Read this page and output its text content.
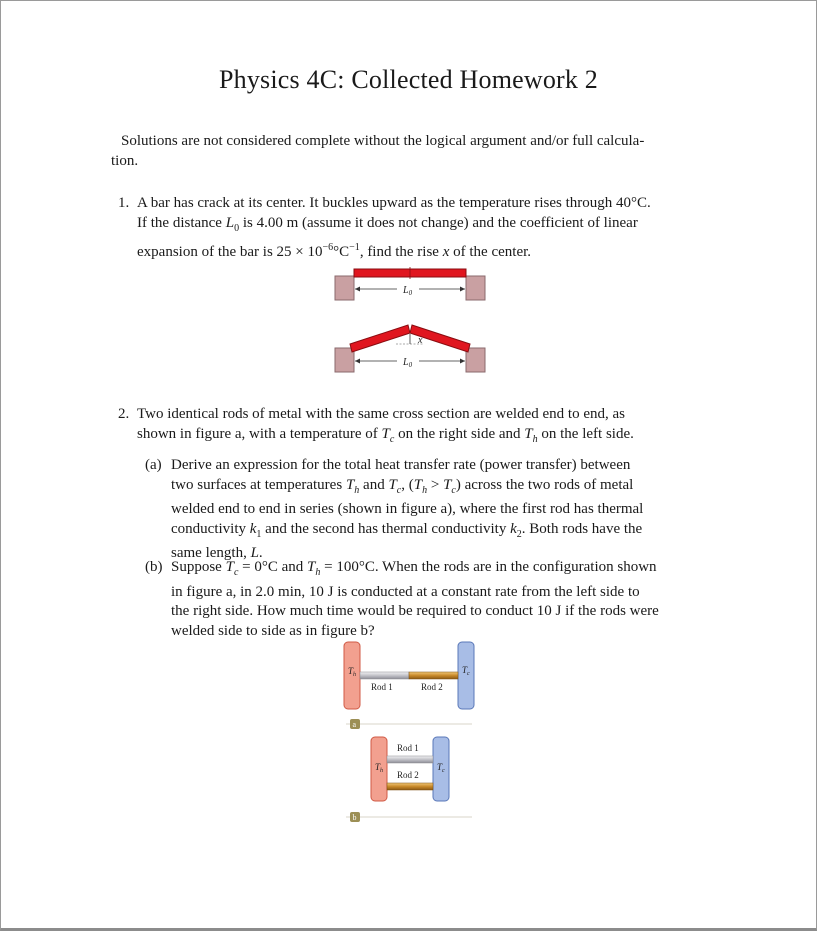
Physics 4C: Collected Homework 2
Solutions are not considered complete without the logical argument and/or full calcula-
tion.
1. A bar has crack at its center. It buckles upward as the temperature rises through 40°C.
If the distance $L_0$ is 4.00 m (assume it does not change) and the coefficient of linear
expansion of the bar is $25 \times 10^{-6}^\circ C^{-1}$, find the rise x of the center.
$L_0$
x
$L_0$
2. Two identical rods of metal with the same cross section are welded end to end, as
shown in figure a, with a temperature of $T_c$ on the right side and $T_h$ on the left side.
(a) Derive an expression for the total heat transfer rate (power transfer) between
two surfaces at temperatures $T_h$ and $T_c$, $(T_h > T_c)$ across the two rods of metal
welded end to end in series (shown in figure a), where the first rod has thermal
conductivity $k_1$ and the second has thermal conductivity $k_2$. Both rods have the
same length, L.
(b) Suppose $T_c = 0^\circ C$ and $T_h = 100^\circ C$. When the rods are in the configuration shown
in figure a, in 2.0 min, 10 J is conducted at a constant rate from the left side to
the right side. How much time would be required to conduct 10 J if the rods were
welded side to side as in figure b?
$T_h$	$T_c$
Rod 1	Rod 2
a
Rod 1
Rod 2
$T_h$	$T_c$
b
